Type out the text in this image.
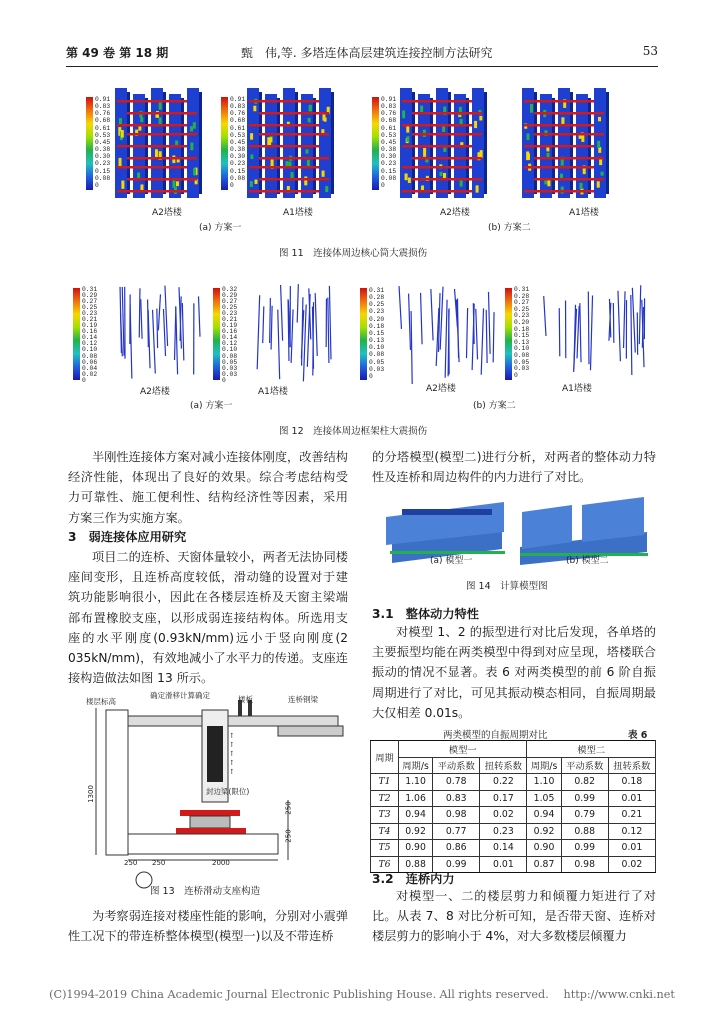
第 49 卷 第 18 期	甄　伟,等. 多塔连体高层建筑连接控制方法研究	53
0.91
0.83
0.76
0.68
0.61
0.53
0.45
0.38
0.30
0.23
0.15
0.08
0
0.91
0.83
0.76
0.68
0.61
0.53
0.45
0.38
0.30
0.23
0.15
0.08
0
0.91
0.83
0.76
0.68
0.61
0.53
0.45
0.38
0.30
0.23
0.15
0.08
0
A2塔楼	A1塔楼	A2塔楼	A1塔楼
(a) 方案一	(b) 方案二
图 11　连接体周边核心筒大震损伤
0.31
0.29
0.27
0.25
0.23
0.21
0.19
0.16
0.14
0.12
0.10
0.08
0.06
0.04
0.02
0
0.32
0.29
0.27
0.25
0.23
0.21
0.19
0.16
0.14
0.12
0.10
0.08
0.05
0.03
0.03
0
0.31
0.28
0.25
0.23
0.20
0.18
0.15
0.13
0.10
0.08
0.05
0.03
0
0.31
0.28
0.27
0.25
0.23
0.20
0.18
0.15
0.13
0.10
0.08
0.05
0.03
0
A2塔楼	A1塔楼	A2塔楼	A1塔楼
(a) 方案一	(b) 方案二
图 12　连接体周边框架柱大震损伤

半刚性连接体方案对减小连接体刚度，改善结构经济性能，体现出了良好的效果。综合考虑结构受力可靠性、施工便利性、结构经济性等因素，采用方案三作为实施方案。

3　弱连接体应用研究

项目二的连桥、天窗体量较小，两者无法协同楼座间变形，且连桥高度较低，滑动缝的设置对于建筑功能影响很小，因此在各楼层连桥及天窗主梁端部布置橡胶支座，以形成弱连接结构体。所选用支座的水平刚度(0.93kN/mm)远小于竖向刚度(2 035kN/mm)，有效地减小了水平力的传递。支座连接构造做法如图 13 所示。

↑
↑
↑
↑
↑
楼层标高
确定滑移计算确定	楼板	连桥钢梁
封边梁(限位)
1300
250
250
250 250	2000
图 13　连桥滑动支座构造

为考察弱连接对楼座性能的影响，分别对小震弹性工况下的带连桥整体模型(模型一)以及不带连桥

的分塔模型(模型二)进行分析，对两者的整体动力特性及连桥和周边构件的内力进行了对比。

(a) 模型一	(b) 模型二
图 14　计算模型图
3.1　整体动力特性

对模型 1、2 的振型进行对比后发现，各单塔的主要振型均能在两类模型中得到对应呈现，塔楼联合振动的情况不显著。表 6 对两类模型的前 6 阶自振周期进行了对比，可见其振动模态相同，自振周期最大仅相差 0.01s。

两类模型的自振周期对比	表 6
周期	模型一			模型二		
	周期/s	平动系数	扭转系数	周期/s	平动系数	扭转系数
T1	1.10	0.78	0.22	1.10	0.82	0.18
T2	1.06	0.83	0.17	1.05	0.99	0.01
T3	0.94	0.98	0.02	0.94	0.79	0.21
T4	0.92	0.77	0.23	0.92	0.88	0.12
T5	0.90	0.86	0.14	0.90	0.99	0.01
T6	0.88	0.99	0.01	0.87	0.98	0.02
3.2　连桥内力

对模型一、二的楼层剪力和倾覆力矩进行了对比。从表 7、8 对比分析可知，是否带天窗、连桥对楼层剪力的影响小于 4%，对大多数楼层倾覆力

(C)1994-2019 China Academic Journal Electronic Publishing House. All rights reserved.　 http://www.cnki.net
